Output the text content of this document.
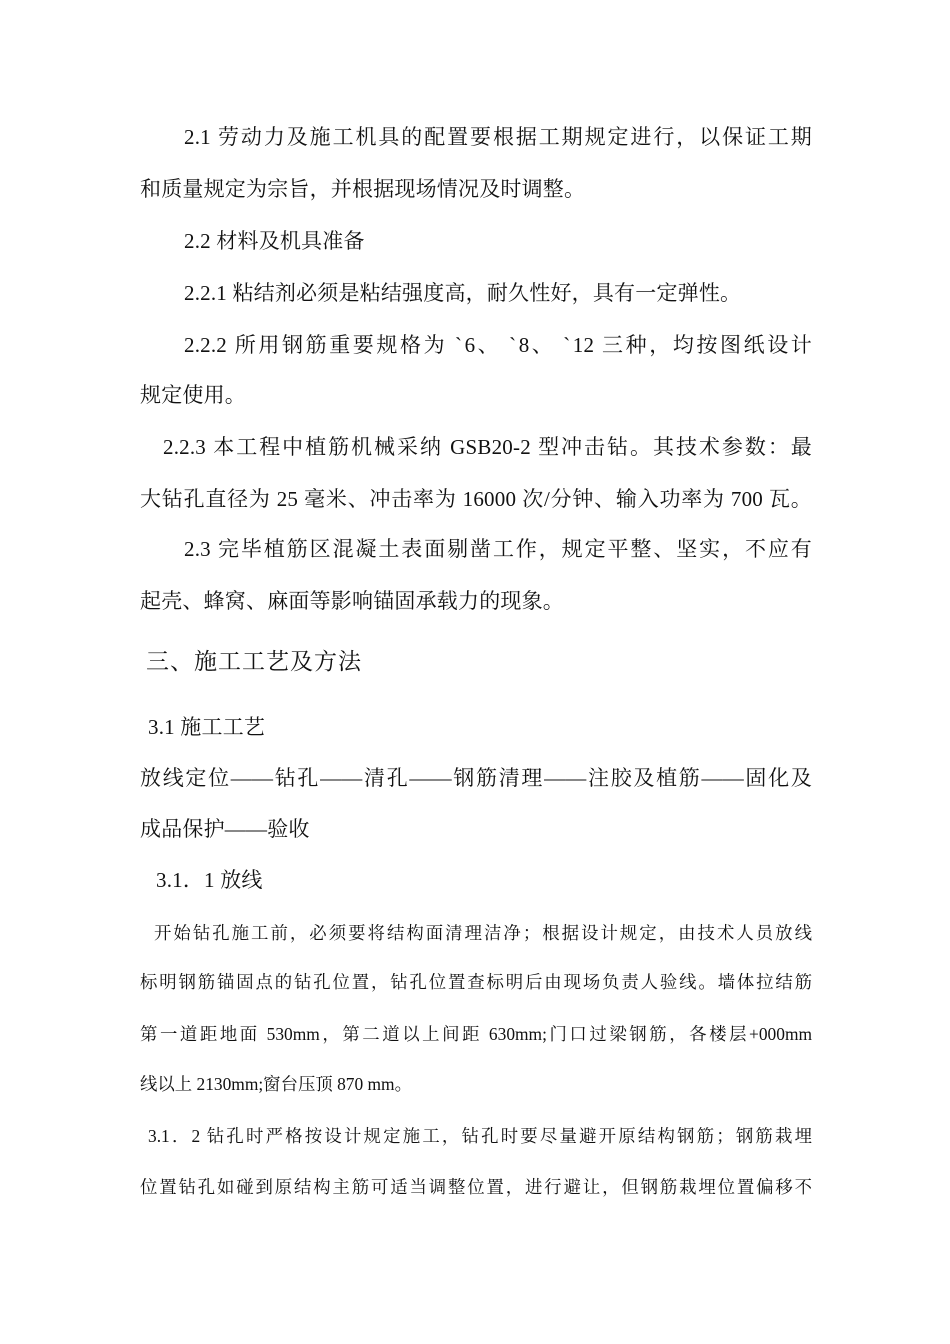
2.1 劳动力及施工机具的配置要根据工期规定进行，以保证工期
和质量规定为宗旨，并根据现场情况及时调整。
2.2 材料及机具准备
2.2.1 粘结剂必须是粘结强度高，耐久性好，具有一定弹性。
2.2.2 所用钢筋重要规格为 ˋ6、 ˋ8、 ˋ12 三种，均按图纸设计
规定使用。
2.2.3 本工程中植筋机械采纳 GSB20-2 型冲击钻。其技术参数：最
大钻孔直径为 25 毫米、冲击率为 16000 次/分钟、输入功率为 700 瓦。
2.3 完毕植筋区混凝土表面剔凿工作，规定平整、坚实，不应有
起壳、蜂窝、麻面等影响锚固承载力的现象。
三、施工工艺及方法
3.1 施工工艺
放线定位——钻孔——清孔——钢筋清理——注胶及植筋——固化及
成品保护——验收
3.1．1 放线
开始钻孔施工前，必须要将结构面清理洁净；根据设计规定，由技术人员放线
标明钢筋锚固点的钻孔位置，钻孔位置查标明后由现场负责人验线。墙体拉结筋
第一道距地面 530mm，第二道以上间距 630mm;门口过梁钢筋，各楼层+000mm
线以上 2130mm;窗台压顶 870 mm。
3.1．2 钻孔时严格按设计规定施工，钻孔时要尽量避开原结构钢筋；钢筋栽埋
位置钻孔如碰到原结构主筋可适当调整位置，进行避让，但钢筋栽埋位置偏移不
